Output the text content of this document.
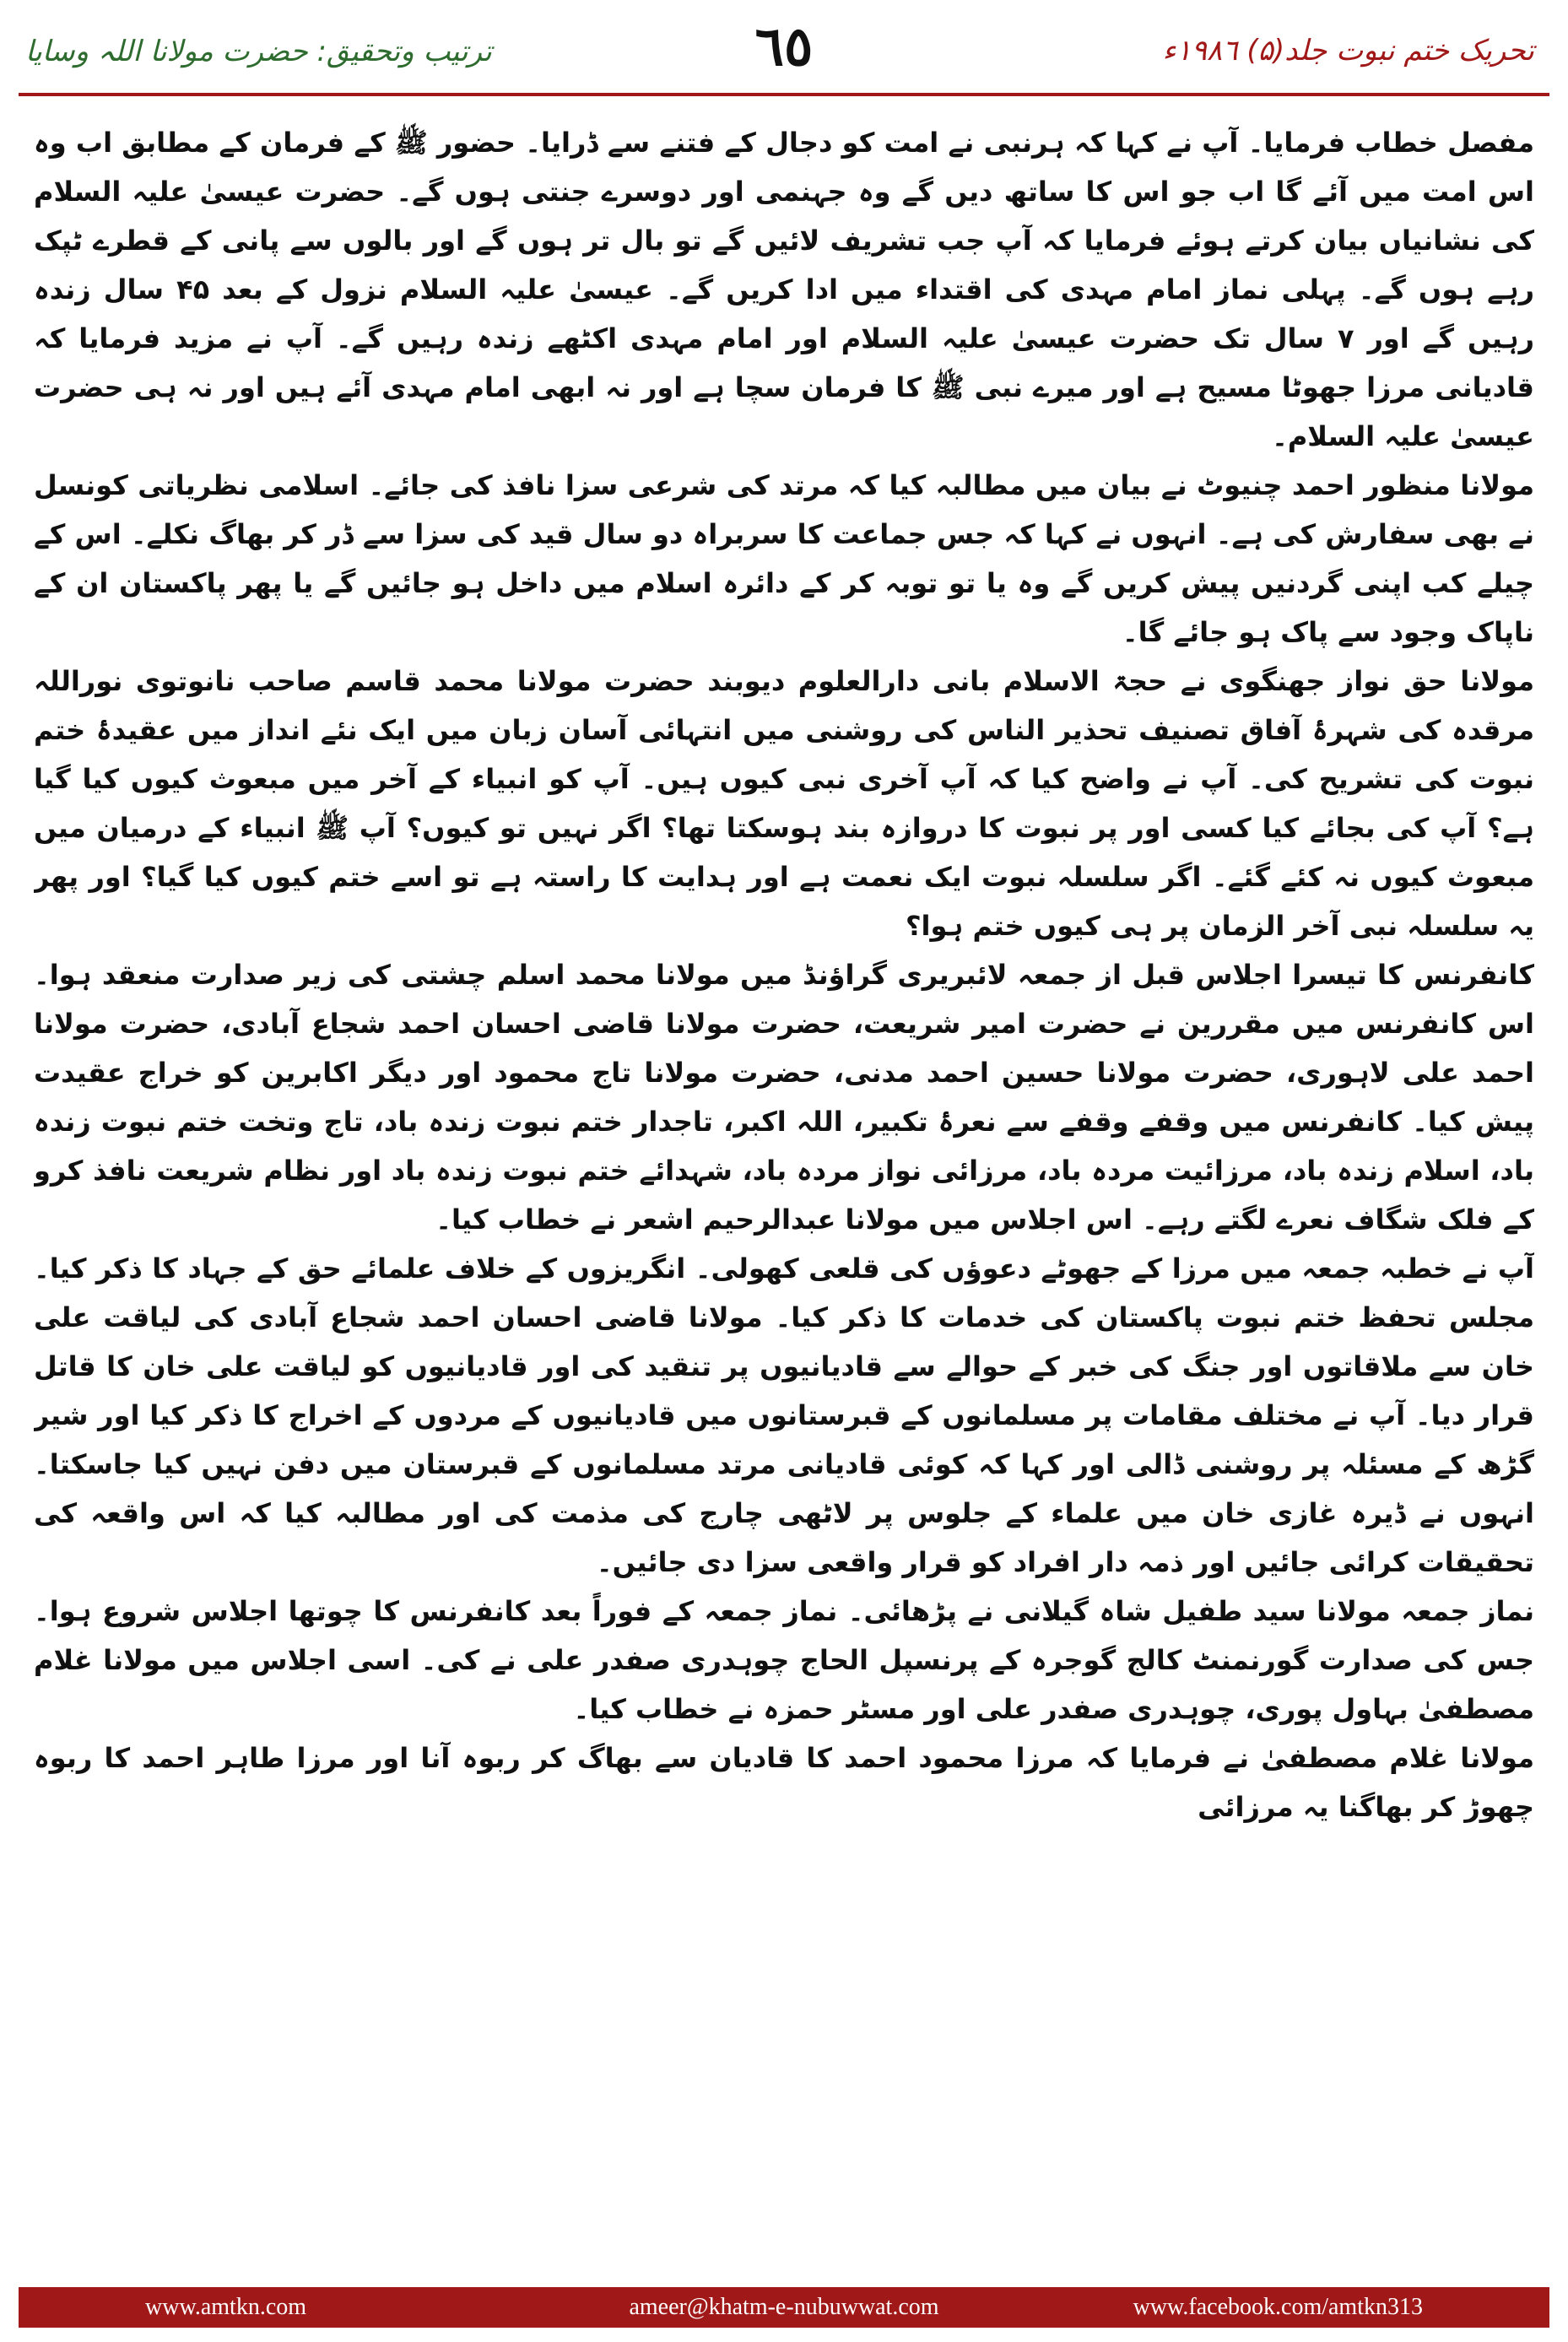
ترتیب وتحقیق: حضرت مولانا اللہ وسایا	٦٥	تحریک ختم نبوت جلد(۵) ۱۹۸٦ء

مفصل خطاب فرمایا۔ آپ نے کہا کہ ہرنبی نے امت کو دجال کے فتنے سے ڈرایا۔ حضور ﷺ کے فرمان کے مطابق اب وہ اس امت میں آئے گا اب جو اس کا ساتھ دیں گے وہ جہنمی اور دوسرے جنتی ہوں گے۔ حضرت عیسیٰ علیہ السلام کی نشانیاں بیان کرتے ہوئے فرمایا کہ آپ جب تشریف لائیں گے تو بال تر ہوں گے اور بالوں سے پانی کے قطرے ٹپک رہے ہوں گے۔ پہلی نماز امام مہدی کی اقتداء میں ادا کریں گے۔ عیسیٰ علیہ السلام نزول کے بعد ۴۵ سال زندہ رہیں گے اور ۷ سال تک حضرت عیسیٰ علیہ السلام اور امام مہدی اکٹھے زندہ رہیں گے۔ آپ نے مزید فرمایا کہ قادیانی مرزا جھوٹا مسیح ہے اور میرے نبی ﷺ کا فرمان سچا ہے اور نہ ابھی امام مہدی آئے ہیں اور نہ ہی حضرت عیسیٰ علیہ السلام۔

مولانا منظور احمد چنیوٹ نے بیان میں مطالبہ کیا کہ مرتد کی شرعی سزا نافذ کی جائے۔ اسلامی نظریاتی کونسل نے بھی سفارش کی ہے۔ انہوں نے کہا کہ جس جماعت کا سربراہ دو سال قید کی سزا سے ڈر کر بھاگ نکلے۔ اس کے چیلے کب اپنی گردنیں پیش کریں گے وہ یا تو توبہ کر کے دائرہ اسلام میں داخل ہو جائیں گے یا پھر پاکستان ان کے ناپاک وجود سے پاک ہو جائے گا۔

مولانا حق نواز جھنگوی نے حجۃ الاسلام بانی دارالعلوم دیوبند حضرت مولانا محمد قاسم صاحب نانوتوی نوراللہ مرقدہ کی شہرۂ آفاق تصنیف تحذیر الناس کی روشنی میں انتہائی آسان زبان میں ایک نئے انداز میں عقیدۂ ختم نبوت کی تشریح کی۔ آپ نے واضح کیا کہ آپ آخری نبی کیوں ہیں۔ آپ کو انبیاء کے آخر میں مبعوث کیوں کیا گیا ہے؟ آپ کی بجائے کیا کسی اور پر نبوت کا دروازہ بند ہوسکتا تھا؟ اگر نہیں تو کیوں؟ آپ ﷺ انبیاء کے درمیان میں مبعوث کیوں نہ کئے گئے۔ اگر سلسلہ نبوت ایک نعمت ہے اور ہدایت کا راستہ ہے تو اسے ختم کیوں کیا گیا؟ اور پھر یہ سلسلہ نبی آخر الزمان پر ہی کیوں ختم ہوا؟

کانفرنس کا تیسرا اجلاس قبل از جمعہ لائبریری گراؤنڈ میں مولانا محمد اسلم چشتی کی زیر صدارت منعقد ہوا۔ اس کانفرنس میں مقررین نے حضرت امیر شریعت، حضرت مولانا قاضی احسان احمد شجاع آبادی، حضرت مولانا احمد علی لاہوری، حضرت مولانا حسین احمد مدنی، حضرت مولانا تاج محمود اور دیگر اکابرین کو خراج عقیدت پیش کیا۔ کانفرنس میں وقفے وقفے سے نعرۂ تکبیر، اللہ اکبر، تاجدار ختم نبوت زندہ باد، تاج وتخت ختم نبوت زندہ باد، اسلام زندہ باد، مرزائیت مردہ باد، مرزائی نواز مردہ باد، شہدائے ختم نبوت زندہ باد اور نظام شریعت نافذ کرو کے فلک شگاف نعرے لگتے رہے۔ اس اجلاس میں مولانا عبدالرحیم اشعر نے خطاب کیا۔

آپ نے خطبہ جمعہ میں مرزا کے جھوٹے دعوؤں کی قلعی کھولی۔ انگریزوں کے خلاف علمائے حق کے جہاد کا ذکر کیا۔ مجلس تحفظ ختم نبوت پاکستان کی خدمات کا ذکر کیا۔ مولانا قاضی احسان احمد شجاع آبادی کی لیاقت علی خان سے ملاقاتوں اور جنگ کی خبر کے حوالے سے قادیانیوں پر تنقید کی اور قادیانیوں کو لیاقت علی خان کا قاتل قرار دیا۔ آپ نے مختلف مقامات پر مسلمانوں کے قبرستانوں میں قادیانیوں کے مردوں کے اخراج کا ذکر کیا اور شیر گڑھ کے مسئلہ پر روشنی ڈالی اور کہا کہ کوئی قادیانی مرتد مسلمانوں کے قبرستان میں دفن نہیں کیا جاسکتا۔ انہوں نے ڈیرہ غازی خان میں علماء کے جلوس پر لاٹھی چارج کی مذمت کی اور مطالبہ کیا کہ اس واقعہ کی تحقیقات کرائی جائیں اور ذمہ دار افراد کو قرار واقعی سزا دی جائیں۔

نماز جمعہ مولانا سید طفیل شاہ گیلانی نے پڑھائی۔ نماز جمعہ کے فوراً بعد کانفرنس کا چوتھا اجلاس شروع ہوا۔ جس کی صدارت گورنمنٹ کالج گوجرہ کے پرنسپل الحاج چوہدری صفدر علی نے کی۔ اسی اجلاس میں مولانا غلام مصطفیٰ بہاول پوری، چوہدری صفدر علی اور مسٹر حمزہ نے خطاب کیا۔

مولانا غلام مصطفیٰ نے فرمایا کہ مرزا محمود احمد کا قادیان سے بھاگ کر ربوہ آنا اور مرزا طاہر احمد کا ربوہ چھوڑ کر بھاگنا یہ مرزائی

www.amtkn.com	ameer@khatm-e-nubuwwat.com	www.facebook.com/amtkn313
